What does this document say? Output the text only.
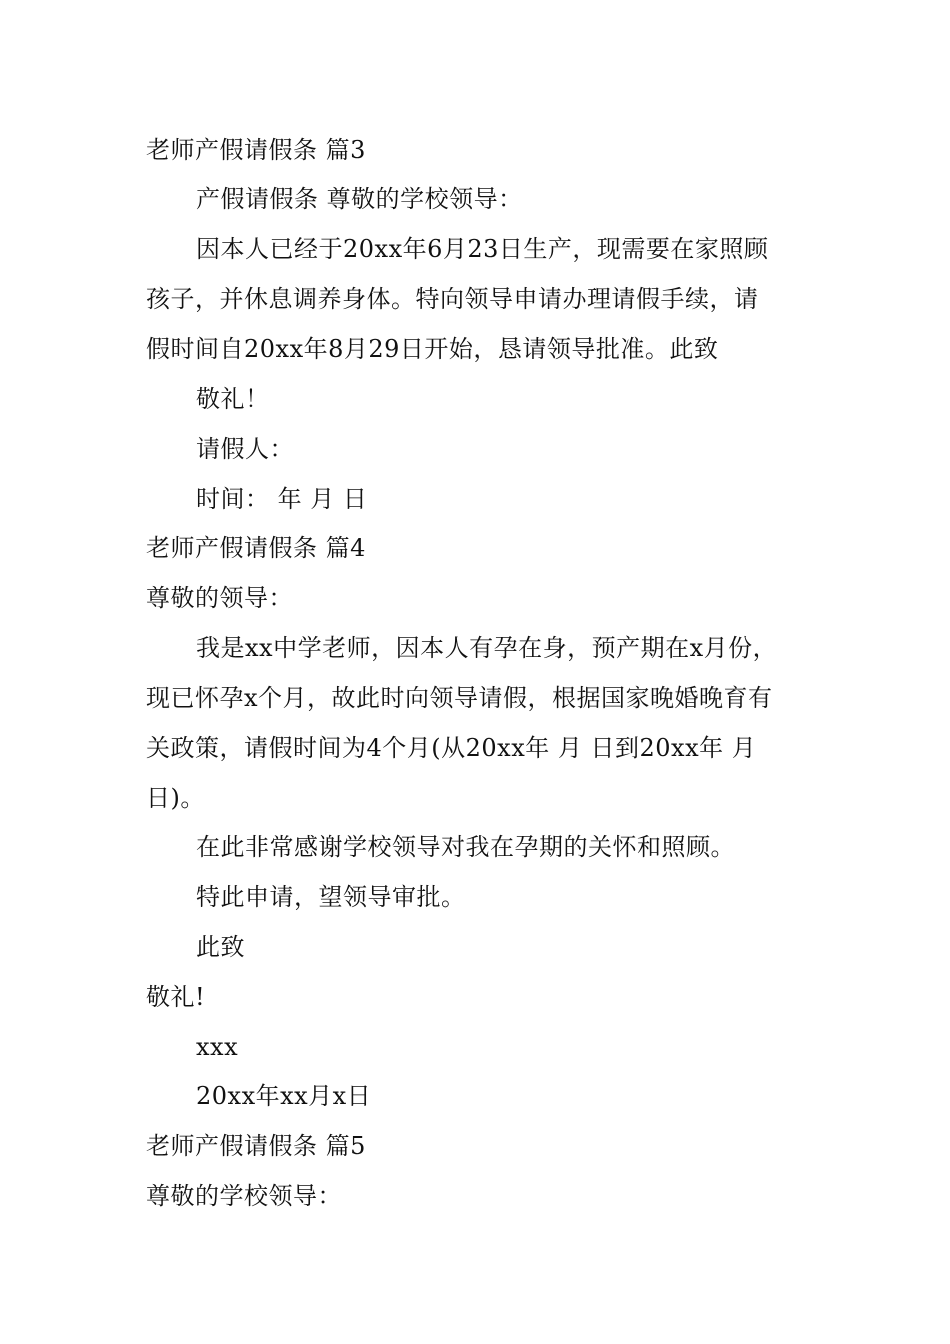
老师产假请假条 篇3
产假请假条 尊敬的学校领导：
因本人已经于20xx年6月23日生产，现需要在家照顾
孩子，并休息调养身体。特向领导申请办理请假手续，请
假时间自20xx年8月29日开始，恳请领导批准。此致
敬礼！
请假人：
时间： 年 月 日
老师产假请假条 篇4
尊敬的领导：
我是xx中学老师，因本人有孕在身，预产期在x月份，
现已怀孕x个月，故此时向领导请假，根据国家晚婚晚育有
关政策，请假时间为4个月(从20xx年 月 日到20xx年 月
日)。
在此非常感谢学校领导对我在孕期的关怀和照顾。
特此申请，望领导审批。
此致
敬礼!
xxx
20xx年xx月x日
老师产假请假条 篇5
尊敬的学校领导：
